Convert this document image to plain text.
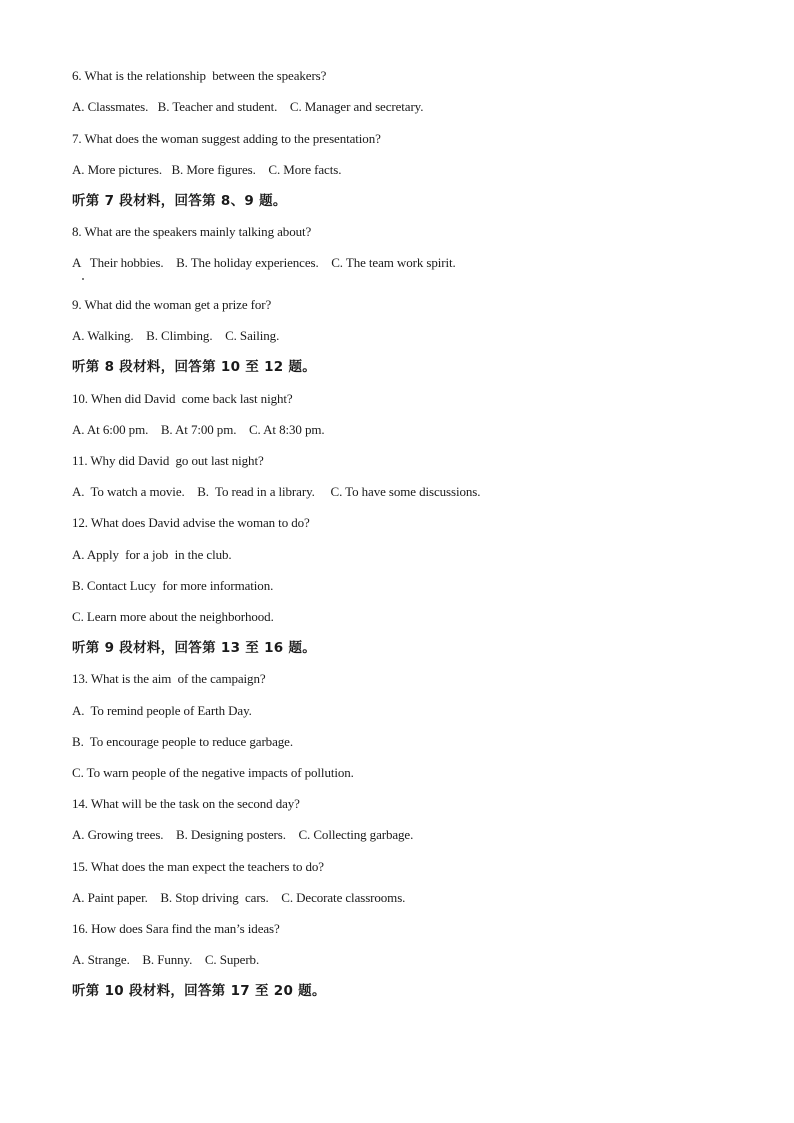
6. What is the relationship  between the speakers?
A. Classmates.   B. Teacher and student.    C. Manager and secretary.
7. What does the woman suggest adding to the presentation?
A. More pictures.   B. More figures.    C. More facts.
听第 7 段材料，回答第 8、9 题。
8. What are the speakers mainly talking about?
A   Their hobbies.    B. The holiday experiences.    C. The team work spirit.
9. What did the woman get a prize for?
A. Walking.    B. Climbing.    C. Sailing.
听第 8 段材料，回答第 10 至 12 题。
10. When did David  come back last night?
A. At 6:00 pm.    B. At 7:00 pm.    C. At 8:30 pm.
11. Why did David  go out last night?
A.  To watch a movie.    B.  To read in a library.     C. To have some discussions.
12. What does David advise the woman to do?
A. Apply  for a job  in the club.
B. Contact Lucy  for more information.
C. Learn more about the neighborhood.
听第 9 段材料，回答第 13 至 16 题。
13. What is the aim  of the campaign?
A.  To remind people of Earth Day.
B.  To encourage people to reduce garbage.
C. To warn people of the negative impacts of pollution.
14. What will be the task on the second day?
A. Growing trees.    B. Designing posters.    C. Collecting garbage.
15. What does the man expect the teachers to do?
A. Paint paper.    B. Stop driving  cars.    C. Decorate classrooms.
16. How does Sara find the man’s ideas?
A. Strange.    B. Funny.    C. Superb.
听第 10 段材料，回答第 17 至 20 题。
